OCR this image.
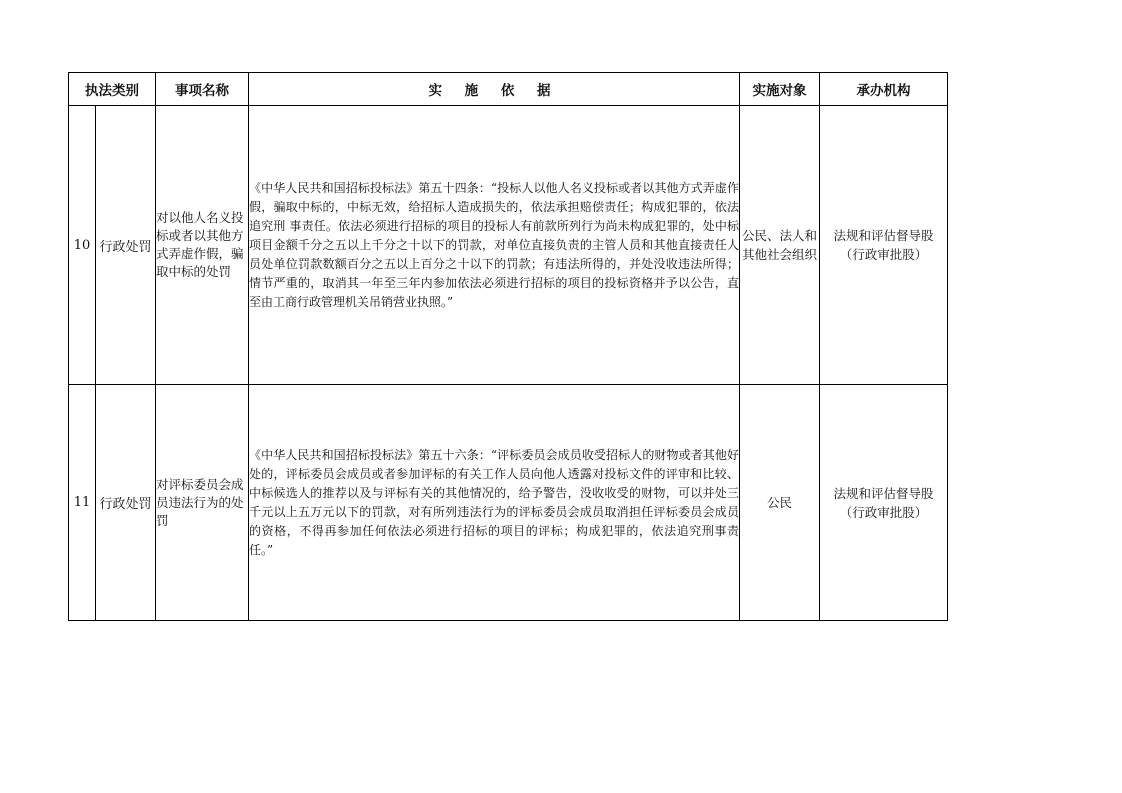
执法类别		事项名称	实 施 依 据	实施对象	承办机构
10	行政处罚	对以他人名义投标或者以其他方式弄虚作假，骗取中标的处罚	《中华人民共和国招标投标法》第五十四条：“投标人以他人名义投标或者以其他方式弄虚作假，骗取中标的，中标无效，给招标人造成损失的，依法承担赔偿责任；构成犯罪的，依法追究刑 事责任。依法必须进行招标的项目的投标人有前款所列行为尚未构成犯罪的，处中标项目金额千分之五以上千分之十以下的罚款，对单位直接负责的主管人员和其他直接责任人员处单位罚款数额百分之五以上百分之十以下的罚款；有违法所得的，并处没收违法所得；情节严重的，取消其一年至三年内参加依法必须进行招标的项目的投标资格并予以公告，直至由工商行政管理机关吊销营业执照。”	公民、法人和其他社会组织	法规和评估督导股
（行政审批股）

11	行政处罚	对评标委员会成员违法行为的处罚	《中华人民共和国招标投标法》第五十六条：“评标委员会成员收受招标人的财物或者其他好处的，评标委员会成员或者参加评标的有关工作人员向他人透露对投标文件的评审和比较、中标候选人的推荐以及与评标有关的其他情况的，给予警告，没收收受的财物，可以并处三千元以上五万元以下的罚款，对有所列违法行为的评标委员会成员取消担任评标委员会成员的资格，不得再参加任何依法必须进行招标的项目的评标；构成犯罪的，依法追究刑事责任。”	公民	法规和评估督导股
（行政审批股）
